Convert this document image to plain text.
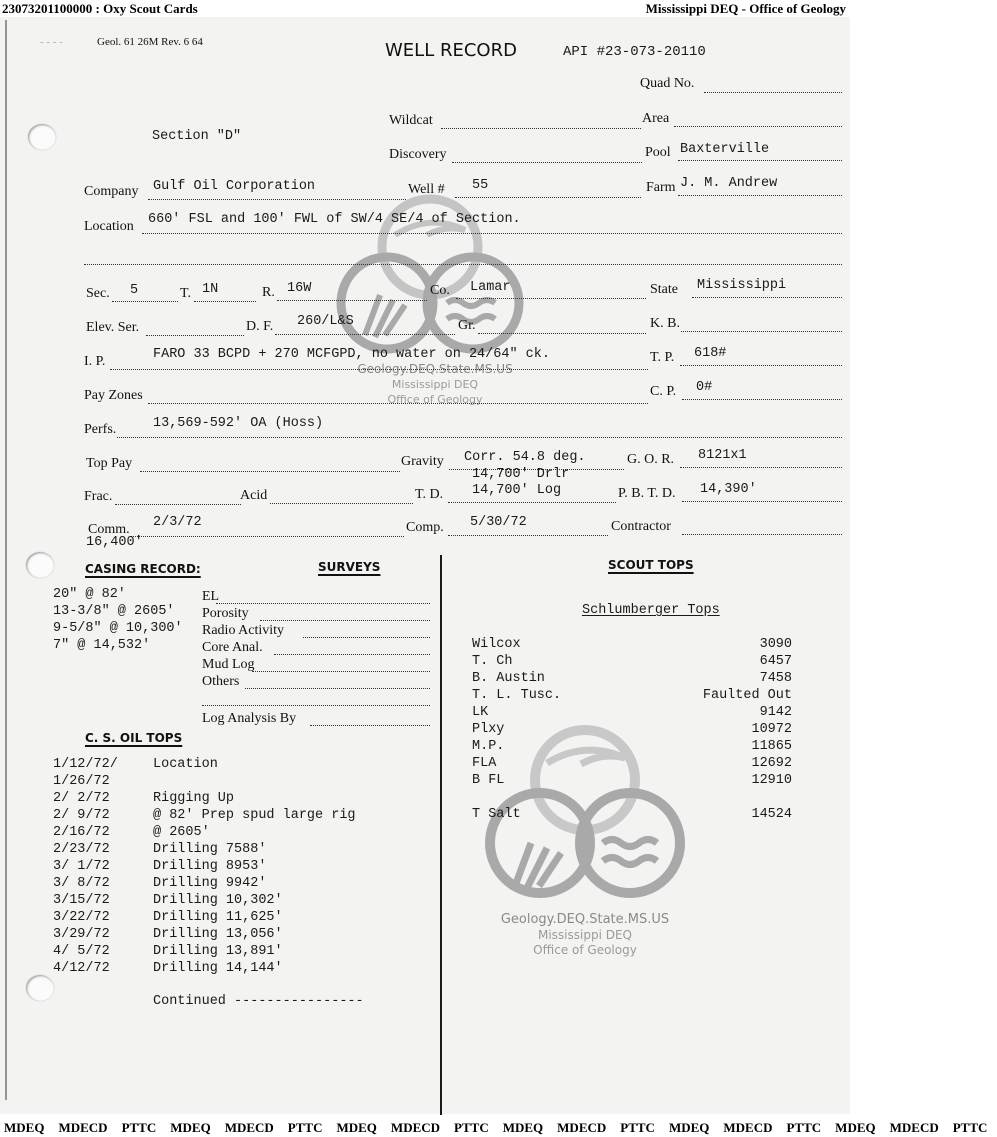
23073201100000 : Oxy Scout Cards	Mississippi DEQ - Office of Geology
Geology.DEQ.State.MS.US
Mississippi DEQ
Office of Geology
Geology.DEQ.State.MS.US
Mississippi DEQ
Office of Geology
- - - -	Geol. 61 26M Rev. 6 64	WELL RECORD	API #23-073-20110
Quad No.
Section "D"
Wildcat	Area
Discovery	Pool Baxterville
Company Gulf Oil Corporation	Well # 55	Farm J. M. Andrew
Location 660' FSL and 100' FWL of SW/4 SE/4 of Section.
Sec. 5	T. 1N	R. 16W	Co. Lamar	State Mississippi
Elev. Ser.	D. F. 260/L&S	Gr.	K. B.
I. P.	FARO 33 BCPD + 270 MCFGPD, no water on 24/64" ck.	T. P. 618#
Pay Zones	C. P. 0#
Perfs.	13,569-592' OA (Hoss)
Top Pay	Gravity Corr. 54.8 deg.	G. O. R. 8121x1
14,700' Drlr
Frac.	Acid	T. D. 14,700' Log	P. B. T. D. 14,390'
Comm. 2/3/72
16,400'
Comp. 5/30/72	Contractor
CASING RECORD:	SURVEYS
C. S. OIL TOPS
Continued ----------------
SCOUT TOPS
Schlumberger Tops
MDEQ MDECD PTTC MDEQ MDECD PTTC MDEQ MDECD PTTC MDEQ MDECD PTTC MDEQ MDECD PTTC MDEQ MDECD PTTC
20" @ 82'
13-3/8" @ 2605'
9-5/8" @ 10,300'
7" @ 14,532'
EL
Porosity
Radio Activity
Core Anal.
Mud Log
Others
Log Analysis By
1/12/72/	Location
1/26/72
2/ 2/72	Rigging Up
2/ 9/72	@ 82' Prep spud large rig
2/16/72	@ 2605'
2/23/72	Drilling 7588'
3/ 1/72	Drilling 8953'
3/ 8/72	Drilling 9942'
3/15/72	Drilling 10,302'
3/22/72	Drilling 11,625'
3/29/72	Drilling 13,056'
4/ 5/72	Drilling 13,891'
4/12/72	Drilling 14,144'
Wilcox	3090
T. Ch	6457
B. Austin	7458
T. L. Tusc.	Faulted Out
LK	9142
Plxy	10972
M.P.	11865
FLA	12692
B FL	12910
T Salt	14524
